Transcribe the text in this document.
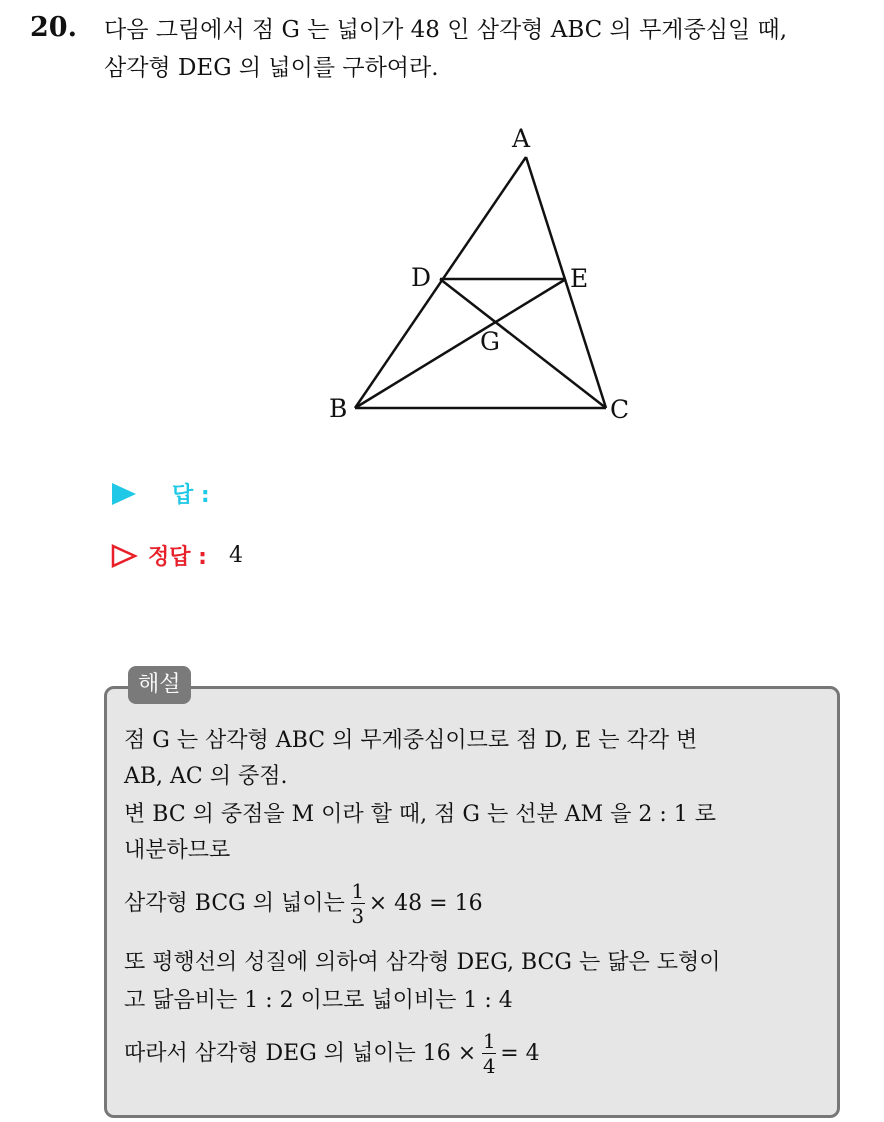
20. 다음 그림에서 점 G 는 넓이가 48 인 삼각형 ABC 의 무게중심일 때,
삼각형 DEG 의 넓이를 구하여라.
A
B	C
D	E
G
답 :
정답 : 4
해설
점 G 는 삼각형 ABC 의 무게중심이므로 점 D, E 는 각각 변
AB, AC 의 중점.
변 BC 의 중점을 M 이라 할 때, 점 G 는 선분 AM 을 2 : 1 로
내분하므로
삼각형 BCG 의 넓이는 $\frac{1}{3} \times 48 = 16$
또 평행선의 성질에 의하여 삼각형 DEG, BCG 는 닮은 도형이
고 닮음비는 1 : 2 이므로 넓이비는 1 : 4
따라서 삼각형 DEG 의 넓이는 $16 \times \frac{1}{4} = 4$
